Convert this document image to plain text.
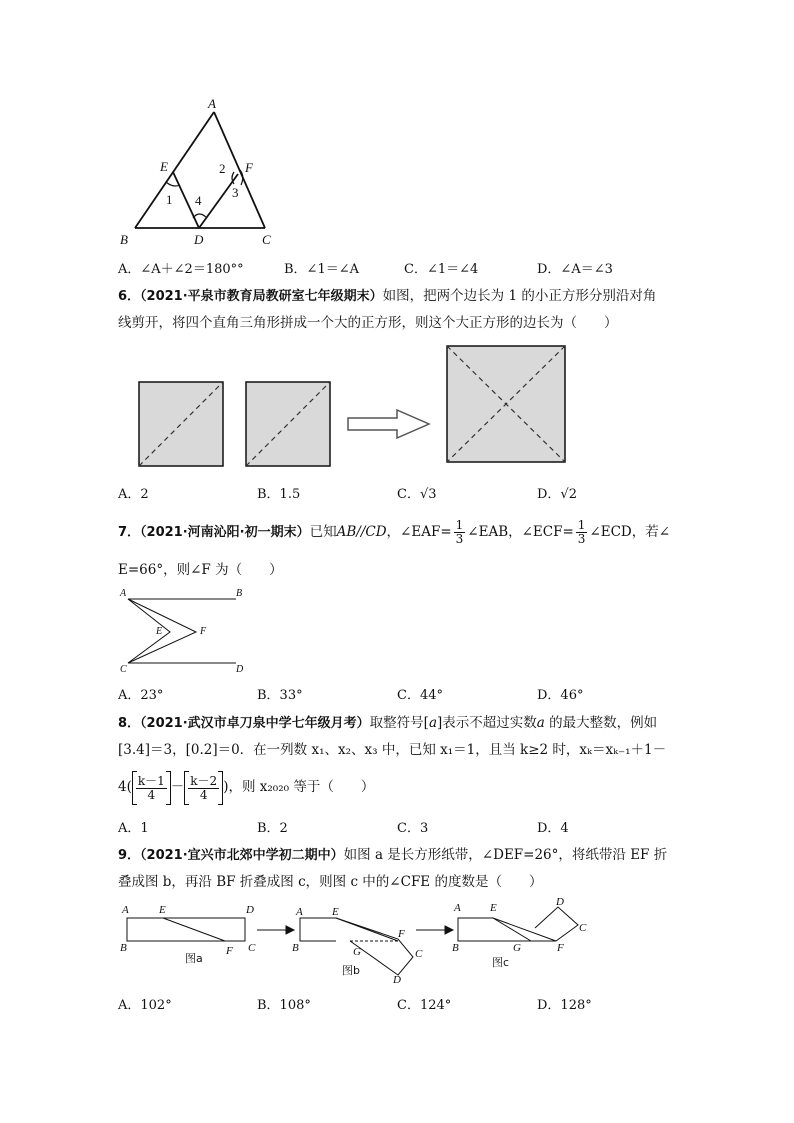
A
E	F
B	D	C
1
2
3
4
A．∠A＋∠2＝180°°	B．∠1＝∠A	C．∠1＝∠4	D．∠A＝∠3
6．（2021·平泉市教育局教研室七年级期末）如图，把两个边长为 1 的小正方形分别沿对角
线剪开，将四个直角三角形拼成一个大的正方形，则这个大正方形的边长为（　　）
A．2	B．1.5	C．√3	D．√2
7．（2021·河南沁阳·初一期末）已知AB//CD，∠EAF= $\frac{1}{3}$ ∠EAB，∠ECF= $\frac{1}{3}$ ∠ECD，若∠
E=66°，则∠F 为（　　）
A	B
E	F
C	D
A．23°	B．33°	C．44°	D．46°
8．（2021·武汉市卓刀泉中学七年级月考）取整符号[a]表示不超过实数a 的最大整数，例如
[3.4]＝3，[0.2]＝0．在一列数 x₁、x₂、x₃ 中，已知 x₁＝1，且当 k≥2 时，xₖ＝xₖ₋₁＋1－
$4( \frac{k-1}{4} - \frac{k-2}{4}$ )，则 x₂₀₂₀ 等于（　　）
A．1	B．2	C．3	D．4
9．（2021·宜兴市北郊中学初二期中）如图 a 是长方形纸带，∠DEF=26°，将纸带沿 EF 折
叠成图 b，再沿 BF 折叠成图 c，则图 c 中的∠CFE 的度数是（　　）
A	E	D
B	F C
图a
A	E
F
B	G	C
D
图b
A	E	D
C
B	G	F
图c
A．102°	B．108°	C．124°	D．128°
